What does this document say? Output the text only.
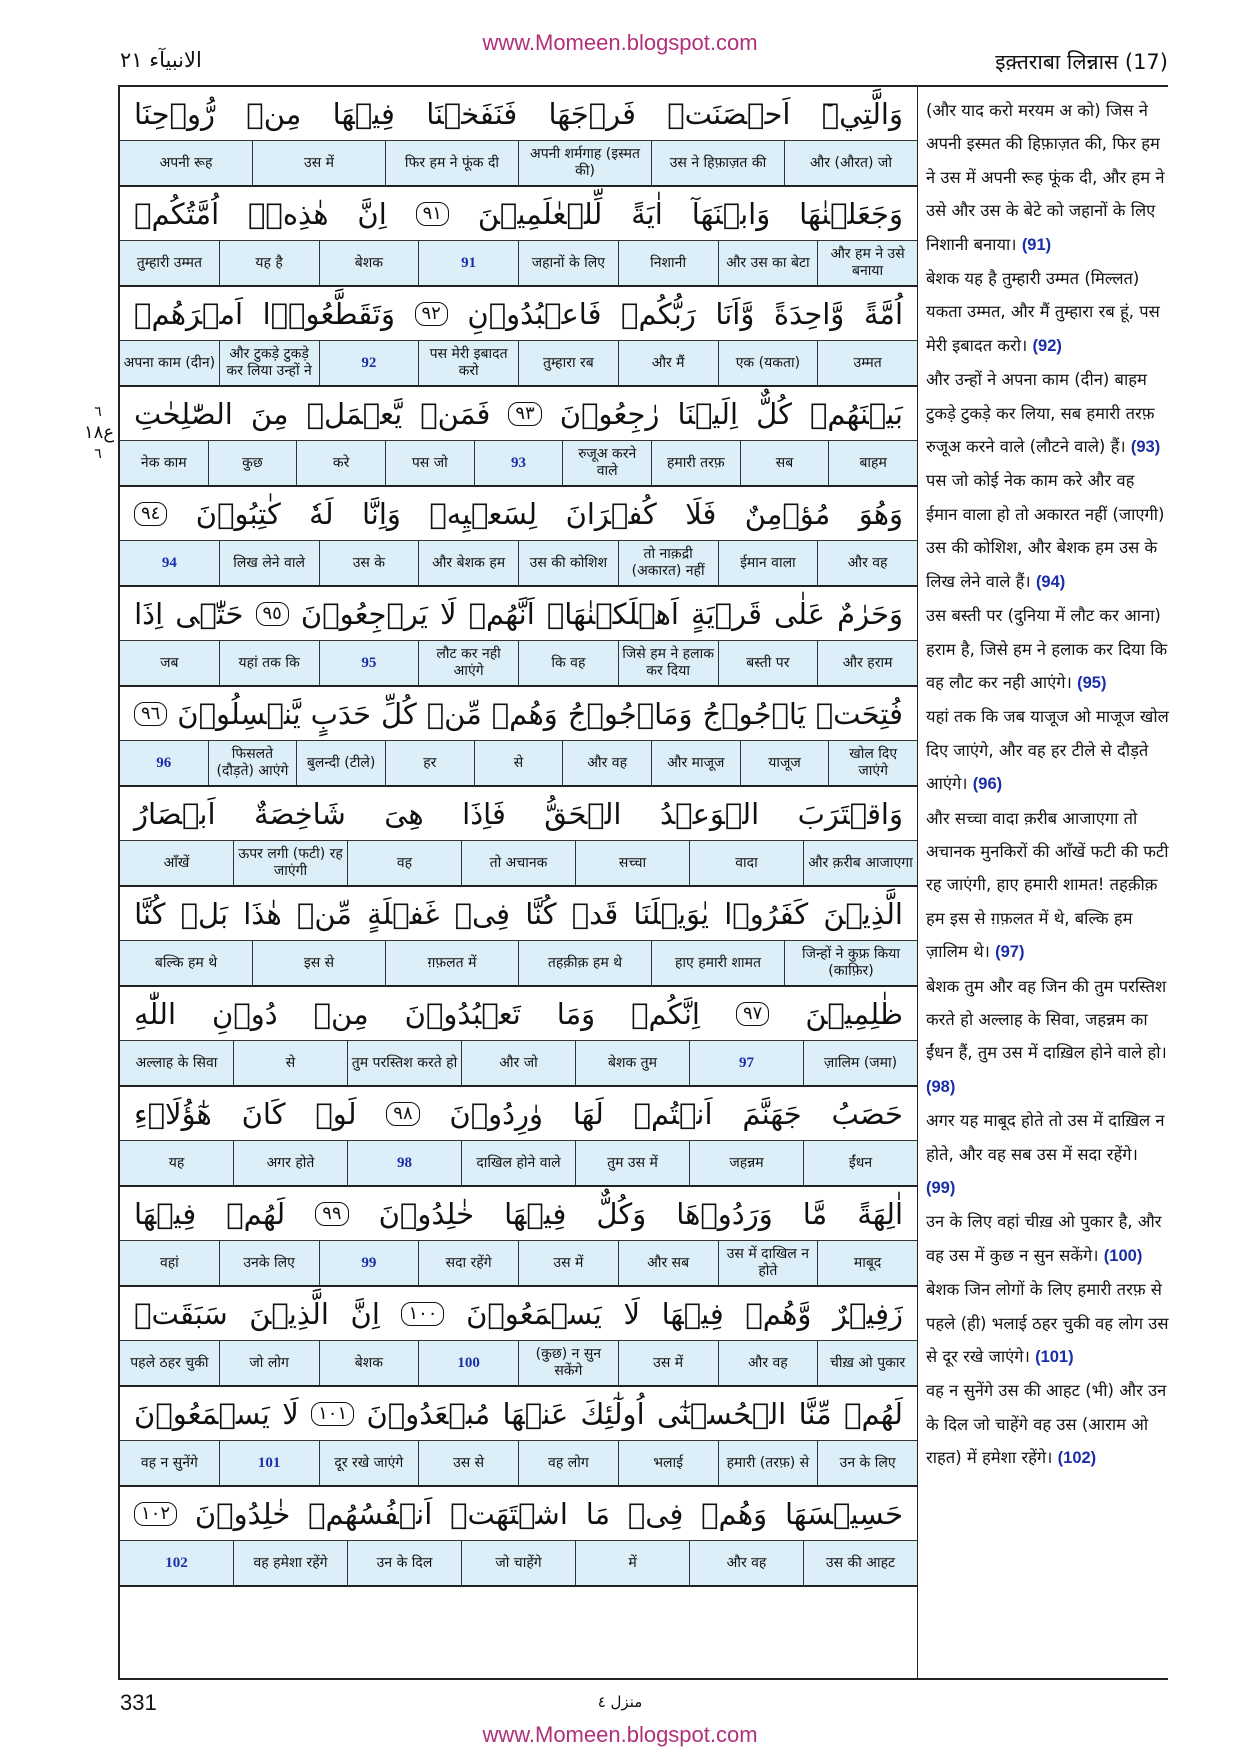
www.Momeen.blogspot.com
الانبيآء ٢١	इक़्तराबा लिन्नास (17)
٦
ع١٨
٦
وَالَّتِيۡٓ
اَحۡصَنَتۡ
فَرۡجَهَا
فَنَفَخۡنَا
فِيۡهَا
مِنۡ
رُّوۡحِنَا
और (औरत) जो
उस ने हिफ़ाज़त की
अपनी शर्मगाह (इस्मत की)
फिर हम ने फूंक दी
उस में
अपनी रूह
وَجَعَلۡنٰهَا
وَابۡنَهَآ
اٰيَةً
لِّلۡعٰلَمِيۡنَ
٩١
اِنَّ
هٰذِهٖۤ
اُمَّتُكُمۡ
और हम ने उसे बनाया
और उस का बेटा
निशानी
जहानों के लिए
91
बेशक
यह है
तुम्हारी उम्मत
اُمَّةً
وَّاحِدَةً
وَّاَنَا
رَبُّكُمۡ
فَاعۡبُدُوۡنِ
٩٢
وَتَقَطَّعُوۡۤا
اَمۡرَهُمۡ
उम्मत
एक (यकता)
और मैं
तुम्हारा रब
पस मेरी इबादत करो
92
और टुकड़े टुकड़े कर लिया उन्हों ने
अपना काम (दीन)
بَيۡنَهُمۡ
كُلٌّ
اِلَيۡنَا
رٰجِعُوۡنَ
٩٣
فَمَنۡ
يَّعۡمَلۡ
مِنَ
الصّٰلِحٰتِ
बाहम
सब
हमारी तरफ़
रुजूअ करने वाले
93
पस जो
करे
कुछ
नेक काम
وَهُوَ
مُؤۡمِنٌ
فَلَا
كُفۡرَانَ
لِسَعۡيِهٖ
وَاِنَّا
لَهٗ
كٰتِبُوۡنَ
٩٤
और वह
ईमान वाला
तो नाक़द्री (अकारत) नहीं
उस की कोशिश
और बेशक हम
उस के
लिख लेने वाले
94
وَحَرٰمٌ
عَلٰى
قَرۡيَةٍ
اَهۡلَكۡنٰهَاۤ
اَنَّهُمۡ
لَا
يَرۡجِعُوۡنَ
٩٥
حَتّٰۤى
اِذَا
और हराम
बस्ती पर
जिसे हम ने हलाक कर दिया
कि वह
लौट कर नही आएंगे
95
यहां तक कि
जब
فُتِحَتۡ
يَاۡجُوۡجُ
وَمَاۡجُوۡجُ
وَهُمۡ
مِّنۡ
كُلِّ
حَدَبٍ
يَّنۡسِلُوۡنَ
٩٦
खोल दिए जाएंगे
याजूज
और माजूज
और वह
से
हर
बुलन्दी (टीले)
फिसलते (दौड़ते) आएंगे
96
وَاقۡتَرَبَ
الۡوَعۡدُ
الۡحَقُّ
فَاِذَا
هِىَ
شَاخِصَةٌ
اَبۡصَارُ
और क़रीब आजाएगा
वादा
सच्चा
तो अचानक
वह
ऊपर लगी (फटी) रह जाएंगी
आँखें
الَّذِيۡنَ
كَفَرُوۡا
يٰوَيۡلَنَا
قَدۡ
كُنَّا
فِىۡ
غَفۡلَةٍ
مِّنۡ
هٰذَا
بَلۡ
كُنَّا
जिन्हों ने कुफ्र किया (काफ़िर)
हाए हमारी शामत
तहक़ीक़ हम थे
ग़फ़लत में
इस से
बल्कि हम थे
ظٰلِمِيۡنَ
٩٧
اِنَّكُمۡ
وَمَا
تَعۡبُدُوۡنَ
مِنۡ
دُوۡنِ
اللّٰهِ
ज़ालिम (जमा)
97
बेशक तुम
और जो
तुम परस्तिश करते हो
से
अल्लाह के सिवा
حَصَبُ
جَهَنَّمَ
اَنۡتُمۡ
لَهَا
وٰرِدُوۡنَ
٩٨
لَوۡ
كَانَ
هٰٓؤُلَاۤءِ
ईंधन
जहन्नम
तुम उस में
दाखिल होने वाले
98
अगर होते
यह
اٰلِهَةً
مَّا
وَرَدُوۡهَا
وَكُلٌّ
فِيۡهَا
خٰلِدُوۡنَ
٩٩
لَهُمۡ
فِيۡهَا
माबूद
उस में दाखिल न होते
और सब
उस में
सदा रहेंगे
99
उनके लिए
वहां
زَفِيۡرٌ
وَّهُمۡ
فِيۡهَا
لَا
يَسۡمَعُوۡنَ
١٠٠
اِنَّ
الَّذِيۡنَ
سَبَقَتۡ
चीख़ ओ पुकार
और वह
उस में
(कुछ) न सुन सकेंगे
100
बेशक
जो लोग
पहले ठहर चुकी
لَهُمۡ
مِّنَّا
الۡحُسۡنٰٓى
اُولٰٓئِكَ
عَنۡهَا
مُبۡعَدُوۡنَ
١٠١
لَا
يَسۡمَعُوۡنَ
उन के लिए
हमारी (तरफ़) से
भलाई
वह लोग
उस से
दूर रखे जाएंगे
101
वह न सुनेंगे
حَسِيۡسَهَا
وَهُمۡ
فِىۡ
مَا
اشۡتَهَتۡ
اَنۡفُسُهُمۡ
خٰلِدُوۡنَ
١٠٢
उस की आहट
और वह
में
जो चाहेंगे
उन के दिल
वह हमेशा रहेंगे
102
(और याद करो मरयम अ को) जिस ने अपनी इस्मत की हिफ़ाज़त की, फिर हम ने उस में अपनी रूह फूंक दी, और हम ने उसे और उस के बेटे को जहानों के लिए निशानी बनाया। (91)
बेशक यह है तुम्हारी उम्मत (मिल्लत) यकता उम्मत, और मैं तुम्हारा रब हूं, पस मेरी इबादत करो। (92)
और उन्हों ने अपना काम (दीन) बाहम टुकड़े टुकड़े कर लिया, सब हमारी तरफ़ रुजूअ करने वाले (लौटने वाले) हैं। (93)
पस जो कोई नेक काम करे और वह ईमान वाला हो तो अकारत नहीं (जाएगी) उस की कोशिश, और बेशक हम उस के लिख लेने वाले हैं। (94)
उस बस्ती पर (दुनिया में लौट कर आना) हराम है, जिसे हम ने हलाक कर दिया कि वह लौट कर नही आएंगे। (95)
यहां तक कि जब याजूज ओ माजूज खोल दिए जाएंगे, और वह हर टीले से दौड़ते आएंगे। (96)
और सच्चा वादा क़रीब आजाएगा तो अचानक मुनकिरों की आँखें फटी की फटी रह जाएंगी, हाए हमारी शामत! तहक़ीक़ हम इस से ग़फ़लत में थे, बल्कि हम ज़ालिम थे। (97)
बेशक तुम और वह जिन की तुम परस्तिश करते हो अल्लाह के सिवा, जहन्नम का ईंधन हैं, तुम उस में दाख़िल होने वाले हो। (98)
अगर यह माबूद होते तो उस में दाख़िल न होते, और वह सब उस में सदा रहेंगे। (99)
उन के लिए वहां चीख़ ओ पुकार है, और वह उस में कुछ न सुन सकेंगे। (100)
बेशक जिन लोगों के लिए हमारी तरफ़ से पहले (ही) भलाई ठहर चुकी वह लोग उस से दूर रखे जाएंगे। (101)
वह न सुनेंगे उस की आहट (भी) और उन के दिल जो चाहेंगे वह उस (आराम ओ राहत) में हमेशा रहेंगे। (102)

331	منزل ٤
www.Momeen.blogspot.com
